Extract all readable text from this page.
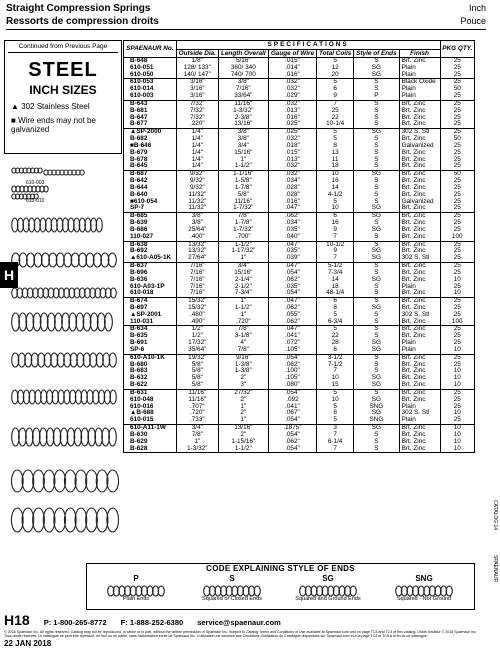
Straight Compression Springs	Inch
Ressorts de compression droits	Pouce
Continued from Previous Page
STEEL
INCH SIZES
▲ 302 Stainless Steel
■ Wire ends may not be galvanized
610-003
610-010
H
SPAENAUR No.	SPECIFICATIONS						PKG QTY.
	Outside Dia.	Length Overall	Gauge of Wire	Total Coils	Style of Ends	Finish	
B-648	1/8"	5/16"	.015"	5	S	Brt. Zinc	25
610-051	128/ 133"	360/ 340	.014"	12	SG	Plain	25
610-050	140/ 147"	740/ 700	.016"	20	SG	Plain	25
610-053	3/16"	3/8"	.032"	5	S	Black Oxide	25
610-014	3/16"	7/16"	.032"	6	S	Plain	50
610-003	3/16"	33/64"	.029"	9	P	Plain	25
B-643	7/32"	11/16"	.032"	7	S	Brt. Zinc	25
B-681	7/32"	1-3/32"	.013"	25	S	Brt. Zinc	25
B-647	7/32"	2-3/8"	.016"	22	S	Brt. Zinc	25
B-677	.220"	13/16"	.025"	10-1/4	S	Brt. Zinc	25
▲SP-2000	1/4"	3/8"	.025"	5	SG	302 S. Stl	25
B-682	1/4"	3/8"	.032"	5	S	Brt. Zinc	50
■B-646	1/4"	3/4"	.018"	8	S	Galvanized	25
B-679	1/4"	15/16"	.015"	13	S	Brt. Zinc	25
B-678	1/4"	1"	.013"	11	S	Brt. Zinc	25
B-645	1/4"	1-1/2"	.032"	18	S	Brt. Zinc	25
B-687	9/32"	1-1/16"	.032"	10	SG	Brt. Zinc	50
B-642	9/32"	1-5/8"	.034"	16	S	Brt. Zinc	25
B-644	9/32"	1-7/8"	.028"	14	S	Brt. Zinc	25
B-640	11/32"	5/8"	.028"	4-1/2	S	Brt. Zinc	25
■610-054	11/32"	11/16"	.016"	5	S	Galvanized	25
SP-7	11/32"	1-7/32"	.047"	10	SG	Brt. Zinc	25
B-685	3/8"	7/8"	.062"	6	SG	Brt. Zinc	25
B-639	3/8"	1-7/8"	.034"	16	S	Brt. Zinc	25
B-686	25/64"	1-7/32"	.035"	9	SG	Brt. Zinc	25
110-027	.400"	.700"	.040"	7	S	Brt. Zinc	100
B-638	13/32"	1-1/2"	.047"	10-1/2	S	Brt. Zinc	25
B-692	13/32"	1-17/32"	.035"	9	SG	Brt. Zinc	25
▲610-A05-1K	27/64"	1"	.039"	7	SG	302 S. Stl	25
B-637	7/16"	3/4"	.047"	5-1/2	S	Brt. Zinc	25
B-696	7/16"	15/16"	.054"	7-3/4	S	Brt. Zinc	25
B-636	7/16"	2-1/4"	.062"	14	SG	Brt. Zinc	10
610-A03-1P	7/16"	2-1/2"	.035"	18	S	Plain	25
610-018	7/16"	7-3/4"	.054"	48-1/4	S	Brt. Zinc	10
B-674	15/32"	1"	.047"	6	S	Brt. Zinc	25
B-697	15/32"	1-1/2"	.062"	8	SG	Brt. Zinc	25
▲SP-2001	.480"	1"	.055"	5	S	302 S. Stl	25
110-031	.490"	.720"	.062"	6-3/4	S	Brt. Zinc	100
B-634	1/2"	7/8"	.047"	5	S	Brt. Zinc	25
B-635	1/2"	3-1/8"	.041"	22	S	Brt. Zinc	25
B-691	17/32"	4"	.072"	28	SG	Plain	25
SP-6	35/64"	7/8"	.105"	6	SG	Plain	10
610-A10-1K	19/32"	9/16"	.054"	3-1/2	S	Brt. Zinc	25
B-680	5/8"	1-3/8"	.062"	7-1/2	S	Brt. Zinc	25
B-683	5/8"	1-3/8"	.100"	7	S	Brt. Zinc	10
B-632	5/8"	2"	.105"	10	SG	Brt. Zinc	10
B-622	5/8"	3"	.080"	15	SG	Brt. Zinc	10
B-631	11/16"	27/32"	.054"	5	S	Brt. Zinc	25
610-048	11/16"	2"	.092	10	SG	Brt. Zinc	25
610-016	.707"	1"	.041"	5	SNG	Plain	25
▲B-688	.720"	2"	.067"	8	SG	302 S. Stl	10
610-015	.733"	1"	.054"	5	SNG	Plain	25
610-A11-1W	3/4"	13/16"	.1875"	3	SG	Brt. Zinc	10
B-630	7/8"	2"	.054"	7	S	Brt. Zinc	10
B-629	1"	1-15/16"	.062"	6-1/4	S	Brt. Zinc	10
B-628	1-3/32"	1-1/2"	.054"	7	S	Brt. Zinc	10
CODE EXPLAINING STYLE OF ENDS
P
Plain Ends
S
Squared or Closed Ends
SG
Squared and Ground Ends
SNG
Squared - Not Ground
CATALOG 14
SPAENAUR
H18 P: 1-800-265-8772 F: 1-888-252-6380 service@spaenaur.com
© 2018 Spaenaur Inc. All rights reserved. Catalog may not be reproduced, in whole or in part, without the written permission of Spaenaur Inc. Subject to Catalog Terms and Conditions of Use available at Spaenaur.com and on page TC3 and TC4 of this catalog. Droits d'auteur © 2018 Spaenaur Inc. Tous droits réservés. Le catalogue ne peut être reproduit, en tout ou en partie, sans l'autorisation écrite de Spaenaur Inc. L'utilisation est soumise aux Conditions d'utilisation du Catalogue disponibles sur Spaenaur.com et à la page TC4 et TC5 à la fin de ce catalogue.
22 JAN 2018
